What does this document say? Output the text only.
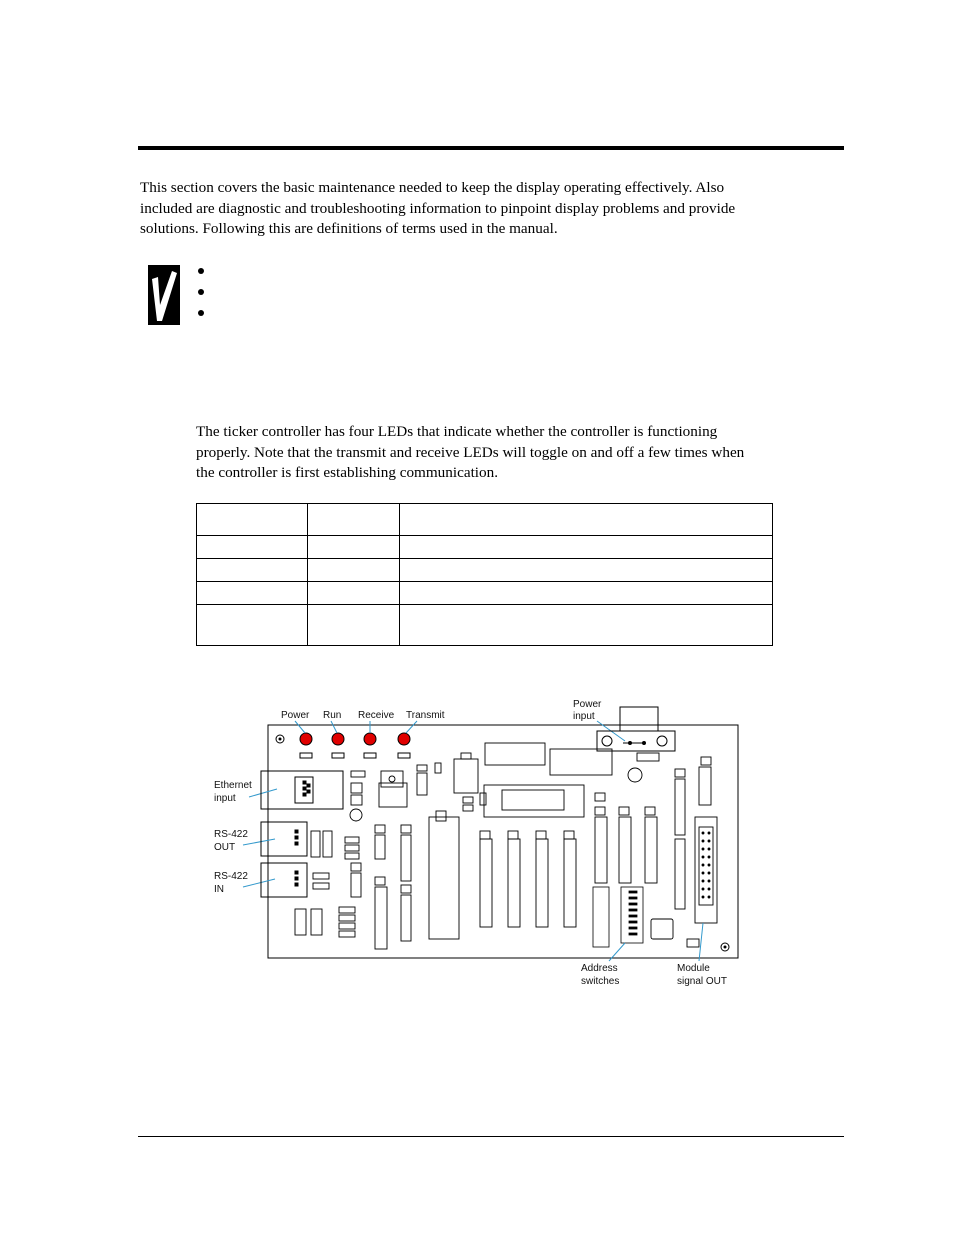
This section covers the basic maintenance needed to keep the display operating effectively. Also
included are diagnostic and troubleshooting information to pinpoint display problems and provide
solutions. Following this are definitions of terms used in the manual.

The ticker controller has four LEDs that indicate whether the controller is functioning
properly. Note that the transmit and receive LEDs will toggle on and off a few times when
the controller is first establishing communication.

Power Run Receive Transmit
Power
input
Ethernet
input
RS-422
OUT
RS-422
IN
Address
switches
Module
signal OUT
